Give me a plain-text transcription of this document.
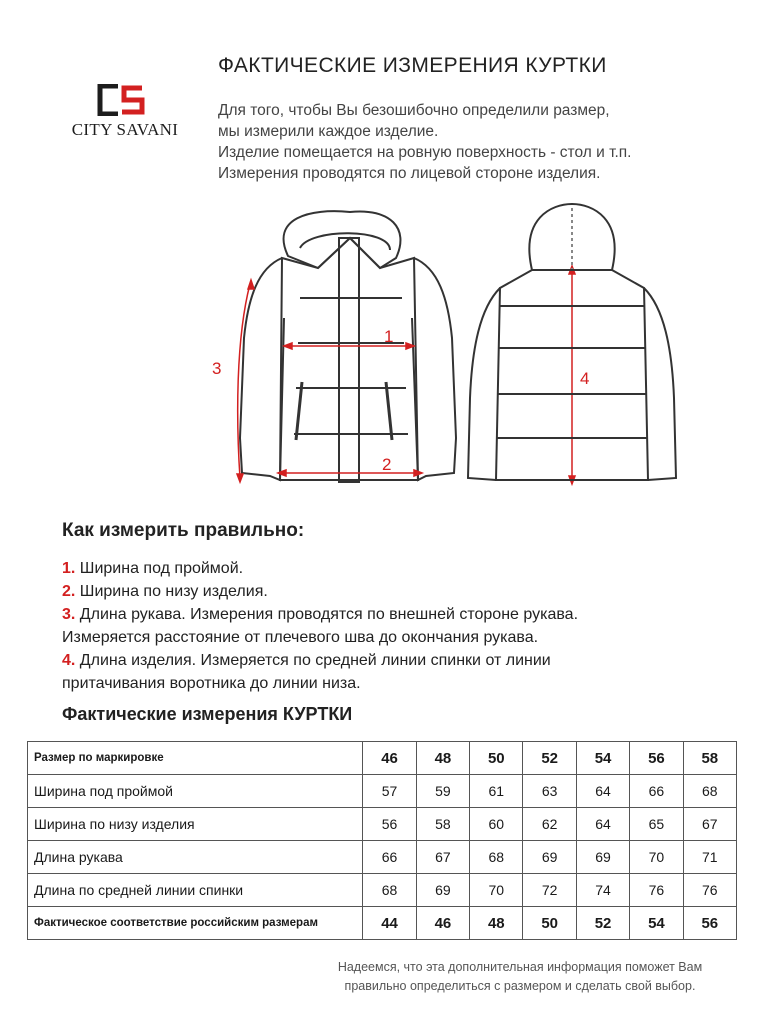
CITY SAVANI
ФАКТИЧЕСКИЕ ИЗМЕРЕНИЯ КУРТКИ
Для того, чтобы Вы безошибочно определили размер,
мы измерили каждое изделие.
Изделие помещается на ровную поверхность - стол и т.п.
Измерения проводятся по лицевой стороне изделия.
1
2
3
4
Как измерить правильно:
1. Ширина под проймой.
2. Ширина по низу изделия.
3. Длина рукава. Измерения проводятся по внешней стороне рукава.
Измеряется расстояние от плечевого шва до окончания рукава.
4. Длина изделия. Измеряется по средней линии спинки от линии
притачивания воротника до линии низа.
Фактические измерения КУРТКИ
Размер по маркировке	46	48	50	52	54	56	58
Ширина под проймой	57	59	61	63	64	66	68
Ширина по низу изделия	56	58	60	62	64	65	67
Длина рукава	66	67	68	69	69	70	71
Длина по средней линии спинки	68	69	70	72	74	76	76
Фактическое соответствие российским размерам	44	46	48	50	52	54	56
Надеемся, что эта дополнительная информация поможет Вам
правильно определиться с размером и сделать свой выбор.
